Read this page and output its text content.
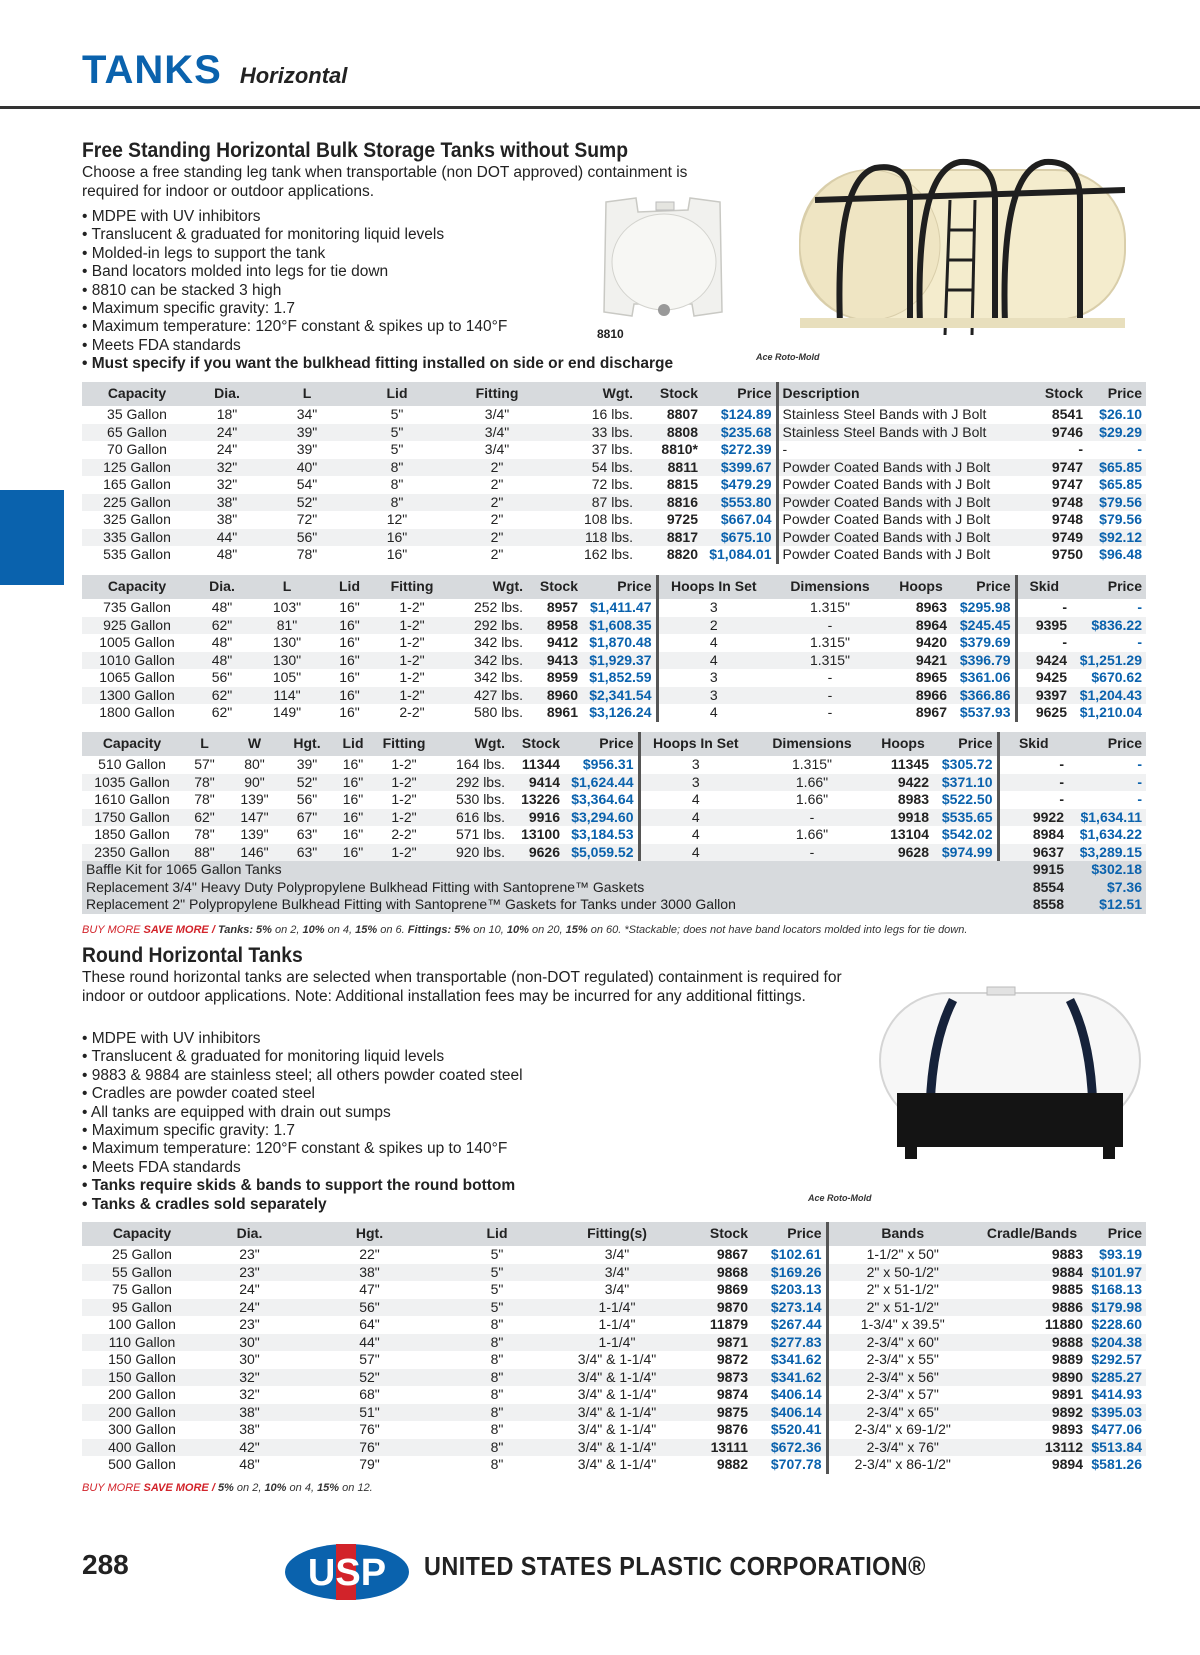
TANKS Horizontal
Free Standing Horizontal Bulk Storage Tanks without Sump
Choose a free standing leg tank when transportable (non DOT approved) containment is required for indoor or outdoor applications.
• MDPE with UV inhibitors
• Translucent & graduated for monitoring liquid levels
• Molded-in legs to support the tank
• Band locators molded into legs for tie down
• 8810 can be stacked 3 high
• Maximum specific gravity: 1.7
• Maximum temperature: 120°F constant & spikes up to 140°F
• Meets FDA standards
• Must specify if you want the bulkhead fitting installed on side or end discharge
8810
Ace Roto-Mold
Capacity	Dia.	L	Lid	Fitting	Wgt.	Stock	Price	Description	Stock	Price
35 Gallon	18"	34"	5"	3/4"	16 lbs.	8807	$124.89	Stainless Steel Bands with J Bolt	8541	$26.10
65 Gallon	24"	39"	5"	3/4"	33 lbs.	8808	$235.68	Stainless Steel Bands with J Bolt	9746	$29.29
70 Gallon	24"	39"	5"	3/4"	37 lbs.	8810*	$272.39	-	-	-
125 Gallon	32"	40"	8"	2"	54 lbs.	8811	$399.67	Powder Coated Bands with J Bolt	9747	$65.85
165 Gallon	32"	54"	8"	2"	72 lbs.	8815	$479.29	Powder Coated Bands with J Bolt	9747	$65.85
225 Gallon	38"	52"	8"	2"	87 lbs.	8816	$553.80	Powder Coated Bands with J Bolt	9748	$79.56
325 Gallon	38"	72"	12"	2"	108 lbs.	9725	$667.04	Powder Coated Bands with J Bolt	9748	$79.56
335 Gallon	44"	56"	16"	2"	118 lbs.	8817	$675.10	Powder Coated Bands with J Bolt	9749	$92.12
535 Gallon	48"	78"	16"	2"	162 lbs.	8820	$1,084.01	Powder Coated Bands with J Bolt	9750	$96.48
Capacity	Dia.	L	Lid	Fitting	Wgt.	Stock	Price	Hoops In Set	Dimensions	Hoops	Price	Skid	Price
735 Gallon	48"	103"	16"	1-2"	252 lbs.	8957	$1,411.47	3	1.315"	8963	$295.98	-	-
925 Gallon	62"	81"	16"	1-2"	292 lbs.	8958	$1,608.35	2	-	8964	$245.45	9395	$836.22
1005 Gallon	48"	130"	16"	1-2"	342 lbs.	9412	$1,870.48	4	1.315"	9420	$379.69	-	-
1010 Gallon	48"	130"	16"	1-2"	342 lbs.	9413	$1,929.37	4	1.315"	9421	$396.79	9424	$1,251.29
1065 Gallon	56"	105"	16"	1-2"	342 lbs.	8959	$1,852.59	3	-	8965	$361.06	9425	$670.62
1300 Gallon	62"	114"	16"	1-2"	427 lbs.	8960	$2,341.54	3	-	8966	$366.86	9397	$1,204.43
1800 Gallon	62"	149"	16"	2-2"	580 lbs.	8961	$3,126.24	4	-	8967	$537.93	9625	$1,210.04
Capacity	L	W	Hgt.	Lid	Fitting	Wgt.	Stock	Price	Hoops In Set	Dimensions	Hoops	Price	Skid	Price
510 Gallon	57"	80"	39"	16"	1-2"	164 lbs.	11344	$956.31	3	1.315"	11345	$305.72	-	-
1035 Gallon	78"	90"	52"	16"	1-2"	292 lbs.	9414	$1,624.44	3	1.66"	9422	$371.10	-	-
1610 Gallon	78"	139"	56"	16"	1-2"	530 lbs.	13226	$3,364.64	4	1.66"	8983	$522.50	-	-
1750 Gallon	62"	147"	67"	16"	1-2"	616 lbs.	9916	$3,294.60	4	-	9918	$535.65	9922	$1,634.11
1850 Gallon	78"	139"	63"	16"	2-2"	571 lbs.	13100	$3,184.53	4	1.66"	13104	$542.02	8984	$1,634.22
2350 Gallon	88"	146"	63"	16"	1-2"	920 lbs.	9626	$5,059.52	4	-	9628	$974.99	9637	$3,289.15
Baffle Kit for 1065 Gallon Tanks													9915	$302.18
Replacement 3/4" Heavy Duty Polypropylene Bulkhead Fitting with Santoprene™ Gaskets													8554	$7.36
Replacement 2" Polypropylene Bulkhead Fitting with Santoprene™ Gaskets for Tanks under 3000 Gallon													8558	$12.51
BUY MORE SAVE MORE / Tanks: 5% on 2, 10% on 4, 15% on 6. Fittings: 5% on 10, 10% on 20, 15% on 60. *Stackable; does not have band locators molded into legs for tie down.
Round Horizontal Tanks
These round horizontal tanks are selected when transportable (non-DOT regulated) containment is required for indoor or outdoor applications. Note: Additional installation fees may be incurred for any additional fittings.
• MDPE with UV inhibitors
• Translucent & graduated for monitoring liquid levels
• 9883 & 9884 are stainless steel; all others powder coated steel
• Cradles are powder coated steel
• All tanks are equipped with drain out sumps
• Maximum specific gravity: 1.7
• Maximum temperature: 120°F constant & spikes up to 140°F
• Meets FDA standards
• Tanks require skids & bands to support the round bottom
• Tanks & cradles sold separately	Ace Roto-Mold
Capacity	Dia.	Hgt.	Lid	Fitting(s)	Stock	Price	Bands	Cradle/Bands	Price
25 Gallon	23"	22"	5"	3/4"	9867	$102.61	1-1/2" x 50"	9883	$93.19
55 Gallon	23"	38"	5"	3/4"	9868	$169.26	2" x 50-1/2"	9884	$101.97
75 Gallon	24"	47"	5"	3/4"	9869	$203.13	2" x 51-1/2"	9885	$168.13
95 Gallon	24"	56"	5"	1-1/4"	9870	$273.14	2" x 51-1/2"	9886	$179.98
100 Gallon	23"	64"	8"	1-1/4"	11879	$267.44	1-3/4" x 39.5"	11880	$228.60
110 Gallon	30"	44"	8"	1-1/4"	9871	$277.83	2-3/4" x 60"	9888	$204.38
150 Gallon	30"	57"	8"	3/4" & 1-1/4"	9872	$341.62	2-3/4" x 55"	9889	$292.57
150 Gallon	32"	52"	8"	3/4" & 1-1/4"	9873	$341.62	2-3/4" x 56"	9890	$285.27
200 Gallon	32"	68"	8"	3/4" & 1-1/4"	9874	$406.14	2-3/4" x 57"	9891	$414.93
200 Gallon	38"	51"	8"	3/4" & 1-1/4"	9875	$406.14	2-3/4" x 65"	9892	$395.03
300 Gallon	38"	76"	8"	3/4" & 1-1/4"	9876	$520.41	2-3/4" x 69-1/2"	9893	$477.06
400 Gallon	42"	76"	8"	3/4" & 1-1/4"	13111	$672.36	2-3/4" x 76"	13112	$513.84
500 Gallon	48"	79"	8"	3/4" & 1-1/4"	9882	$707.78	2-3/4" x 86-1/2"	9894	$581.26
BUY MORE SAVE MORE / 5% on 2, 10% on 4, 15% on 12.
288	USP UNITED STATES PLASTIC CORPORATION®
